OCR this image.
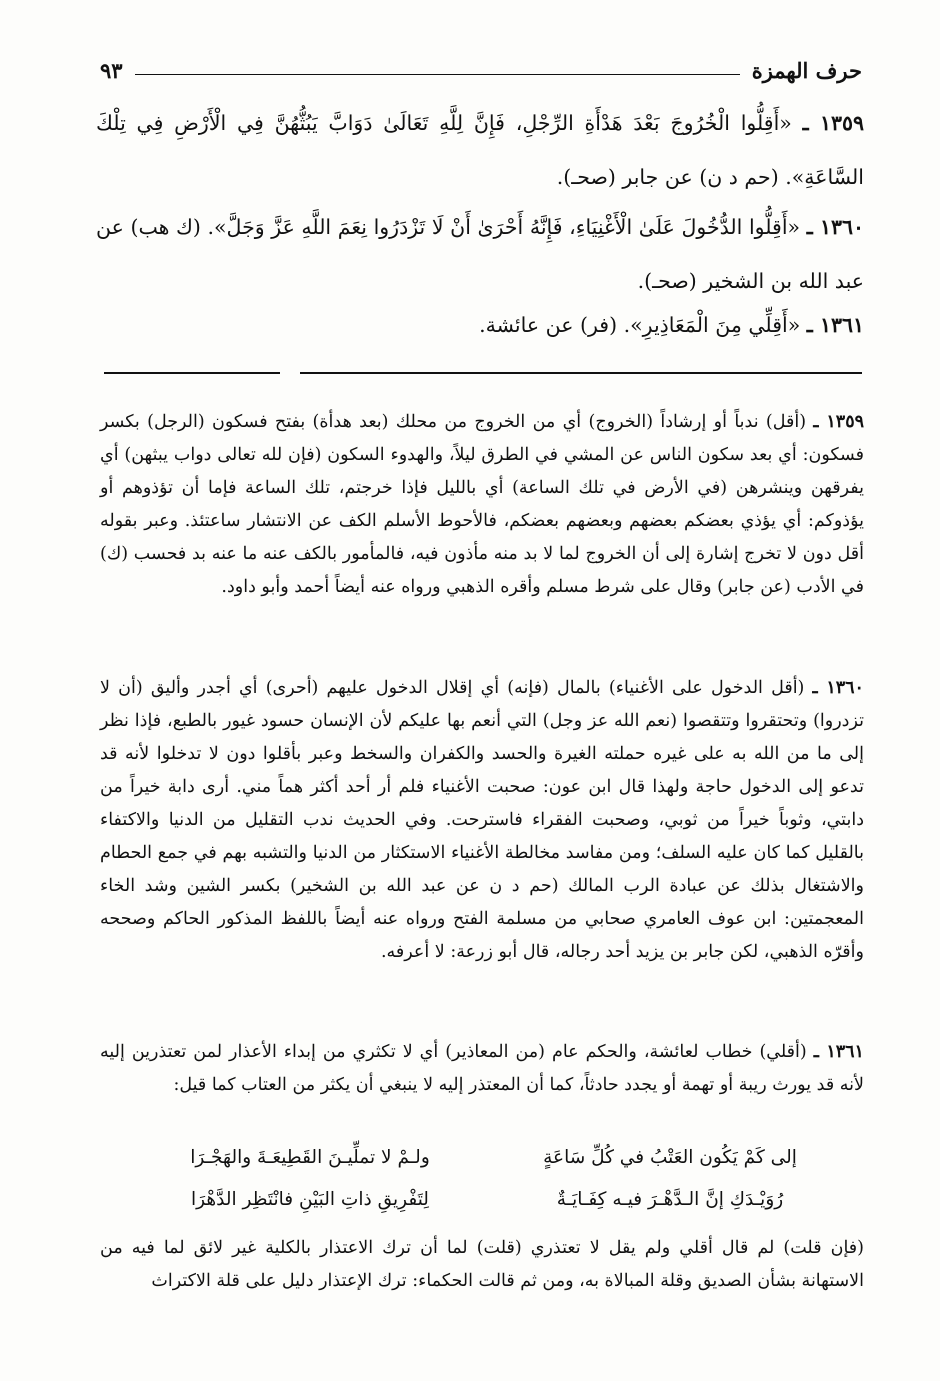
حرف الهمزة
٩٣
١٣٥٩ ـ «أَقِلُّوا الْخُرُوجَ بَعْدَ هَدْأَةِ الرِّجْلِ، فَإِنَّ لِلَّهِ تَعَالَىٰ دَوَابَّ يَبُثُّهُنَّ فِي الْأَرْضِ فِي تِلْكَ السَّاعَةِ». (حم د ن) عن جابر (صحـ).
١٣٦٠ ـ «أَقِلُّوا الدُّخُولَ عَلَىٰ الْأَغْنِيَاءِ، فَإِنَّهُ أَحْرَىٰ أَنْ لَا تَزْدَرُوا نِعَمَ اللَّهِ عَزَّ وَجَلَّ». (ك هب) عن عبد الله بن الشخير (صحـ).
١٣٦١ ـ «أَقِلِّي مِنَ الْمَعَاذِيرِ». (فر) عن عائشة.
١٣٥٩ ـ (أقل) ندباً أو إرشاداً (الخروج) أي من الخروج من محلك (بعد هدأة) بفتح فسكون (الرجل) بكسر فسكون: أي بعد سكون الناس عن المشي في الطرق ليلاً، والهدوء السكون (فإن لله تعالى دواب يبثهن) أي يفرقهن وينشرهن (في الأرض في تلك الساعة) أي بالليل فإذا خرجتم، تلك الساعة فإما أن تؤذوهم أو يؤذوكم: أي يؤذي بعضكم بعضهم وبعضهم بعضكم، فالأحوط الأسلم الكف عن الانتشار ساعتئذ. وعبر بقوله أقل دون لا تخرج إشارة إلى أن الخروج لما لا بد منه مأذون فيه، فالمأمور بالكف عنه ما عنه بد فحسب (ك) في الأدب (عن جابر) وقال على شرط مسلم وأقره الذهبي ورواه عنه أيضاً أحمد وأبو داود.
١٣٦٠ ـ (أقل الدخول على الأغنياء) بالمال (فإنه) أي إقلال الدخول عليهم (أحرى) أي أجدر وأليق (أن لا تزدروا) وتحتقروا وتتقصوا (نعم الله عز وجل) التي أنعم بها عليكم لأن الإنسان حسود غيور بالطبع، فإذا نظر إلى ما من الله به على غيره حملته الغيرة والحسد والكفران والسخط وعبر بأقلوا دون لا تدخلوا لأنه قد تدعو إلى الدخول حاجة ولهذا قال ابن عون: صحبت الأغنياء فلم أر أحد أكثر هماً مني. أرى دابة خيراً من دابتي، وثوباً خيراً من ثوبي، وصحبت الفقراء فاسترحت. وفي الحديث ندب التقليل من الدنيا والاكتفاء بالقليل كما كان عليه السلف؛ ومن مفاسد مخالطة الأغنياء الاستكثار من الدنيا والتشبه بهم في جمع الحطام والاشتغال بذلك عن عبادة الرب المالك (حم د ن عن عبد الله بن الشخير) بكسر الشين وشد الخاء المعجمتين: ابن عوف العامري صحابي من مسلمة الفتح ورواه عنه أيضاً باللفظ المذكور الحاكم وصححه وأقرّه الذهبي، لكن جابر بن يزيد أحد رجاله، قال أبو زرعة: لا أعرفه.
١٣٦١ ـ (أقلي) خطاب لعائشة، والحكم عام (من المعاذير) أي لا تكثري من إبداء الأعذار لمن تعتذرين إليه لأنه قد يورث ريبة أو تهمة أو يجدد حادثاً، كما أن المعتذر إليه لا ينبغي أن يكثر من العتاب كما قيل:
إلى كَمْ يَكُون العَتْبُ في كُلِّ سَاعَةٍ
ولـمْ لا تملِّيـنَ القَطِيعَـةَ والهَجْـرَا
رُوَيْـدَكِ إنَّ الـدَّهْـرَ فيـه كِفَـايَـةٌ
لِتَفْرِيقِ ذاتِ البَيْنِ فانْتَظِر الدَّهْرَا
(فإن قلت) لم قال أقلي ولم يقل لا تعتذري (قلت) لما أن ترك الاعتذار بالكلية غير لائق لما فيه من الاستهانة بشأن الصديق وقلة المبالاة به، ومن ثم قالت الحكماء: ترك الإعتذار دليل على قلة الاكتراث
